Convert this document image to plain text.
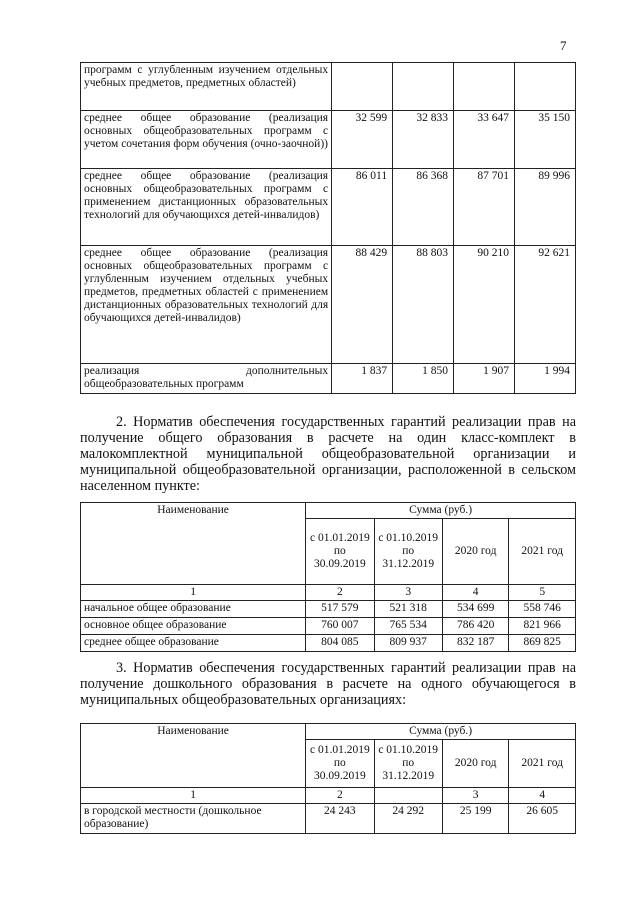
7
программ с углубленным изучением отдельных учебных предметов, предметных областей)				
среднее общее образование (реализация основных общеобразовательных программ с учетом сочетания форм обучения (очно-заочной))	32 599	32 833	33 647	35 150
среднее общее образование (реализация основных общеобразовательных программ с применением дистанционных образовательных технологий для обучающихся детей-инвалидов)	86 011	86 368	87 701	89 996
среднее общее образование (реализация основных общеобразовательных программ с углубленным изучением отдельных учебных предметов, предметных областей с применением дистанционных образовательных технологий для обучающихся детей-инвалидов)	88 429	88 803	90 210	92 621
реализация дополнительных общеобразовательных программ	1 837	1 850	1 907	1 994
2. Норматив обеспечения государственных гарантий реализации прав на получение общего образования в расчете на один класс-комплект в малокомплектной муниципальной общеобразовательной организации и муниципальной общеобразовательной организации, расположенной в сельском населенном пункте:
Наименование	Сумма (руб.)			
	с 01.01.2019 по 30.09.2019	с 01.10.2019 по 31.12.2019	2020 год	2021 год
1	2	3	4	5
начальное общее образование	517 579	521 318	534 699	558 746
основное общее образование	760 007	765 534	786 420	821 966
среднее общее образование	804 085	809 937	832 187	869 825
3. Норматив обеспечения государственных гарантий реализации прав на получение дошкольного образования в расчете на одного обучающегося в муниципальных общеобразовательных организациях:
Наименование	Сумма (руб.)			
	с 01.01.2019 по 30.09.2019	с 01.10.2019 по 31.12.2019	2020 год	2021 год
1	2		3	4
в городской местности (дошкольное образование)	24 243	24 292	25 199	26 605
